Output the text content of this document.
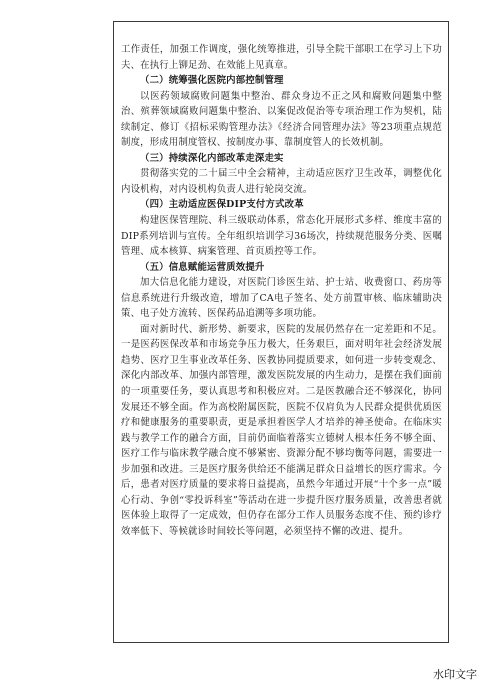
工作责任，加强工作调度，强化统筹推进，引导全院干部职工在学习上下功夫、在执行上铆足劲、在效能上见真章。

（二）统筹强化医院内部控制管理

以医药领域腐败问题集中整治、群众身边不正之风和腐败问题集中整治、殡葬领域腐败问题集中整治、以案促改促治等专项治理工作为契机，陆续制定、修订《招标采购管理办法》《经济合同管理办法》等23项重点规范制度，形成用制度管权、按制度办事、靠制度管人的长效机制。

（三）持续深化内部改革走深走实

贯彻落实党的二十届三中全会精神，主动适应医疗卫生改革，调整优化内设机构，对内设机构负责人进行轮岗交流。

（四）主动适应医保DIP支付方式改革

构建医保管理院、科三级联动体系，常态化开展形式多样、维度丰富的DIP系列培训与宣传。全年组织培训学习36场次，持续规范服务分类、医嘱管理、成本核算、病案管理、首页质控等工作。

（五）信息赋能运营质效提升

加大信息化能力建设，对医院门诊医生站、护士站、收费窗口、药房等信息系统进行升级改造，增加了CA电子签名、处方前置审核、临床辅助决策、电子处方流转、医保药品追溯等多项功能。

面对新时代、新形势、新要求，医院的发展仍然存在一定差距和不足。一是医药医保改革和市场竞争压力极大，任务艰巨，面对明年社会经济发展趋势、医疗卫生事业改革任务、医教协同提质要求，如何进一步转变观念、深化内部改革、加强内部管理，激发医院发展的内生动力，是摆在我们面前的一项重要任务，要认真思考和积极应对。二是医教融合还不够深化，协同发展还不够全面。作为高校附属医院，医院不仅肩负为人民群众提供优质医疗和健康服务的重要职责，更是承担着医学人才培养的神圣使命。在临床实践与教学工作的融合方面，目前仍面临着落实立德树人根本任务不够全面、医疗工作与临床教学融合度不够紧密、资源分配不够均衡等问题，需要进一步加强和改进。三是医疗服务供给还不能满足群众日益增长的医疗需求。今后，患者对医疗质量的要求将日益提高，虽然今年通过开展“十个多一点”暖心行动、争创“零投诉科室”等活动在进一步提升医疗服务质量，改善患者就医体验上取得了一定成效，但仍存在部分工作人员服务态度不佳、预约诊疗效率低下、等候就诊时间较长等问题，必须坚持不懈的改进、提升。

水印文字
